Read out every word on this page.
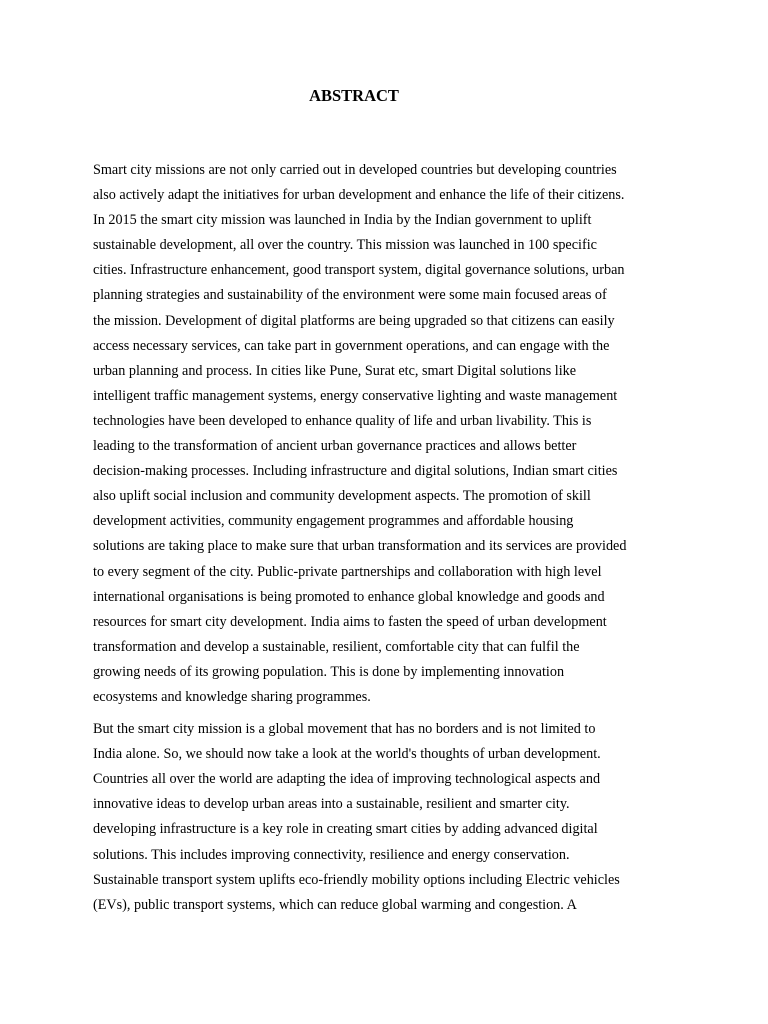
ABSTRACT

Smart city missions are not only carried out in developed countries but developing countries
also actively adapt the initiatives for urban development and enhance the life of their citizens.
In 2015 the smart city mission was launched in India by the Indian government to uplift
sustainable development, all over the country. This mission was launched in 100 specific
cities. Infrastructure enhancement, good transport system, digital governance solutions, urban
planning strategies and sustainability of the environment were some main focused areas of
the mission. Development of digital platforms are being upgraded so that citizens can easily
access necessary services, can take part in government operations, and can engage with the
urban planning and process. In cities like Pune, Surat etc, smart Digital solutions like
intelligent traffic management systems, energy conservative lighting and waste management
technologies have been developed to enhance quality of life and urban livability. This is
leading to the transformation of ancient urban governance practices and allows better
decision-making processes. Including infrastructure and digital solutions, Indian smart cities
also uplift social inclusion and community development aspects. The promotion of skill
development activities, community engagement programmes and affordable housing
solutions are taking place to make sure that urban transformation and its services are provided
to every segment of the city. Public-private partnerships and collaboration with high level
international organisations is being promoted to enhance global knowledge and goods and
resources for smart city development. India aims to fasten the speed of urban development
transformation and develop a sustainable, resilient, comfortable city that can fulfil the
growing needs of its growing population. This is done by implementing innovation
ecosystems and knowledge sharing programmes.

But the smart city mission is a global movement that has no borders and is not limited to
India alone. So, we should now take a look at the world's thoughts of urban development.
Countries all over the world are adapting the idea of improving technological aspects and
innovative ideas to develop urban areas into a sustainable, resilient and smarter city.
developing infrastructure is a key role in creating smart cities by adding advanced digital
solutions. This includes improving connectivity, resilience and energy conservation.
Sustainable transport system uplifts eco-friendly mobility options including Electric vehicles
(EVs), public transport systems, which can reduce global warming and congestion. A
